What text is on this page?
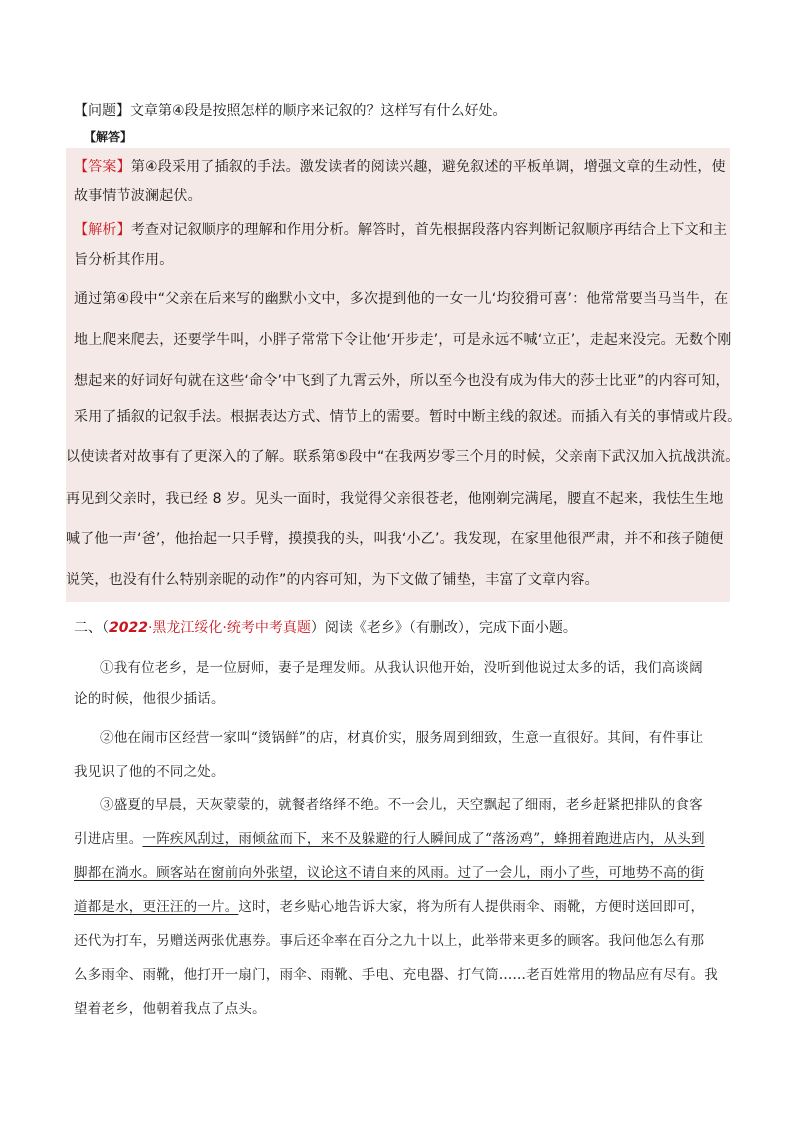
【问题】文章第④段是按照怎样的顺序来记叙的？这样写有什么好处。
【解答】
【答案】第④段采用了插叙的手法。激发读者的阅读兴趣，避免叙述的平板单调，增强文章的生动性，使
故事情节波澜起伏。
【解析】考查对记叙顺序的理解和作用分析。解答时，首先根据段落内容判断记叙顺序再结合上下文和主
旨分析其作用。
通过第④段中“父亲在后来写的幽默小文中，多次提到他的一女一儿‘均狡猾可喜’：他常常要当马当牛，在
地上爬来爬去，还要学牛叫，小胖子常常下令让他‘开步走’，可是永远不喊‘立正’，走起来没完。无数个刚
想起来的好词好句就在这些‘命令’中飞到了九霄云外，所以至今也没有成为伟大的莎士比亚”的内容可知，
采用了插叙的记叙手法。根据表达方式、情节上的需要。暂时中断主线的叙述。而插入有关的事情或片段。
以使读者对故事有了更深入的了解。联系第⑤段中“在我两岁零三个月的时候，父亲南下武汉加入抗战洪流。
再见到父亲时，我已经 8 岁。见头一面时，我觉得父亲很苍老，他刚剃完满尾，腰直不起来，我怯生生地
喊了他一声‘爸’，他抬起一只手臂，摸摸我的头，叫我‘小乙’。我发现，在家里他很严肃，并不和孩子随便
说笑，也没有什么特别亲昵的动作”的内容可知，为下文做了铺垫，丰富了文章内容。
二、（2022·黑龙江绥化·统考中考真题）阅读《老乡》（有删改），完成下面小题。
①我有位老乡，是一位厨师，妻子是理发师。从我认识他开始，没听到他说过太多的话，我们高谈阔
论的时候，他很少插话。
②他在闹市区经营一家叫“烫锅鲜”的店，材真价实，服务周到细致，生意一直很好。其间，有件事让
我见识了他的不同之处。
③盛夏的早晨，天灰蒙蒙的，就餐者络绎不绝。不一会儿，天空飘起了细雨，老乡赶紧把排队的食客
引进店里。一阵疾风刮过，雨倾盆而下，来不及躲避的行人瞬间成了“落汤鸡”，蜂拥着跑进店内，从头到
脚都在淌水。顾客站在窗前向外张望，议论这不请自来的风雨。过了一会儿，雨小了些，可地势不高的街
道都是水，更汪汪的一片。这时，老乡贴心地告诉大家，将为所有人提供雨伞、雨靴，方便时送回即可，
还代为打车，另赠送两张优惠券。事后还伞率在百分之九十以上，此举带来更多的顾客。我问他怎么有那
么多雨伞、雨靴，他打开一扇门，雨伞、雨靴、手电、充电器、打气筒……老百姓常用的物品应有尽有。我
望着老乡，他朝着我点了点头。
